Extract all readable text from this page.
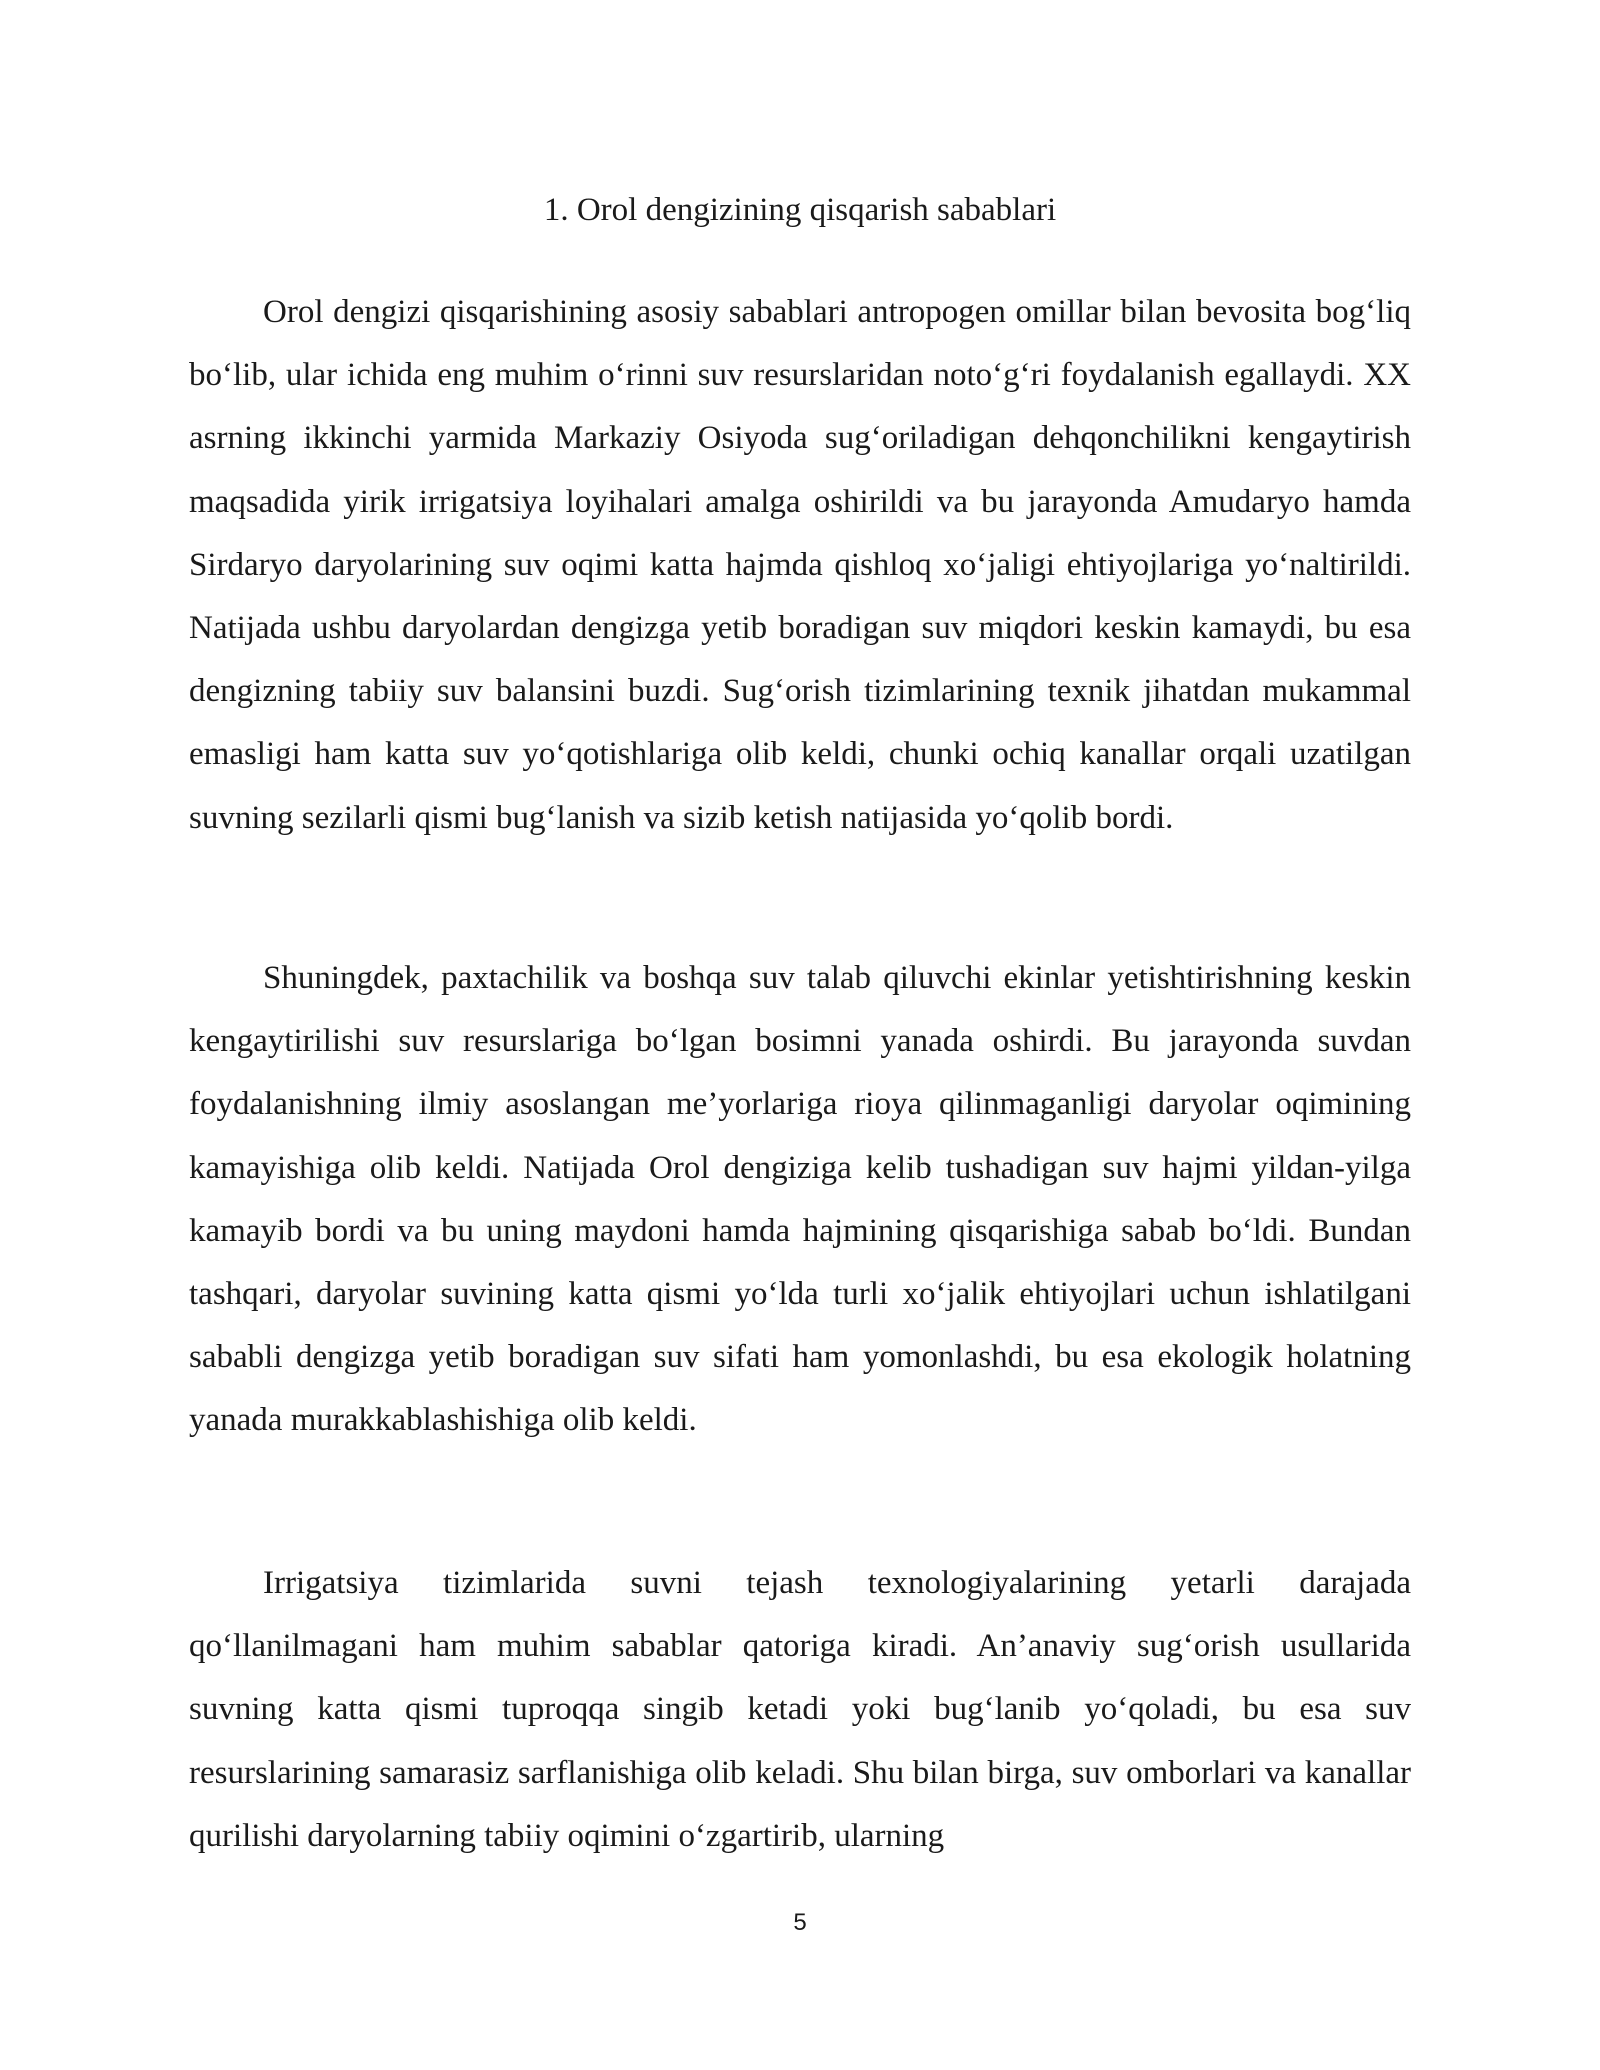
1. Orol dengizining qisqarish sabablari

Orol dengizi qisqarishining asosiy sabablari antropogen omillar bilan bevosita bog‘liq bo‘lib, ular ichida eng muhim o‘rinni suv resurslaridan noto‘g‘ri foydalanish egallaydi. XX asrning ikkinchi yarmida Markaziy Osiyoda sug‘oriladigan dehqonchilikni kengaytirish maqsadida yirik irrigatsiya loyihalari amalga oshirildi va bu jarayonda Amudaryo hamda Sirdaryo daryolarining suv oqimi katta hajmda qishloq xo‘jaligi ehtiyojlariga yo‘naltirildi. Natijada ushbu daryolardan dengizga yetib boradigan suv miqdori keskin kamaydi, bu esa dengizning tabiiy suv balansini buzdi. Sug‘orish tizimlarining texnik jihatdan mukammal emasligi ham katta suv yo‘qotishlariga olib keldi, chunki ochiq kanallar orqali uzatilgan suvning sezilarli qismi bug‘lanish va sizib ketish natijasida yo‘qolib bordi.

Shuningdek, paxtachilik va boshqa suv talab qiluvchi ekinlar yetishtirishning keskin kengaytirilishi suv resurslariga bo‘lgan bosimni yanada oshirdi. Bu jarayonda suvdan foydalanishning ilmiy asoslangan me’yorlariga rioya qilinmaganligi daryolar oqimining kamayishiga olib keldi. Natijada Orol dengiziga kelib tushadigan suv hajmi yildan-yilga kamayib bordi va bu uning maydoni hamda hajmining qisqarishiga sabab bo‘ldi. Bundan tashqari, daryolar suvining katta qismi yo‘lda turli xo‘jalik ehtiyojlari uchun ishlatilgani sababli dengizga yetib boradigan suv sifati ham yomonlashdi, bu esa ekologik holatning yanada murakkablashishiga olib keldi.

Irrigatsiya tizimlarida suvni tejash texnologiyalarining yetarli darajada qo‘llanilmagani ham muhim sabablar qatoriga kiradi. An’anaviy sug‘orish usullarida suvning katta qismi tuproqqa singib ketadi yoki bug‘lanib yo‘qoladi, bu esa suv resurslarining samarasiz sarflanishiga olib keladi. Shu bilan birga, suv omborlari va kanallar qurilishi daryolarning tabiiy oqimini o‘zgartirib, ularning

5
